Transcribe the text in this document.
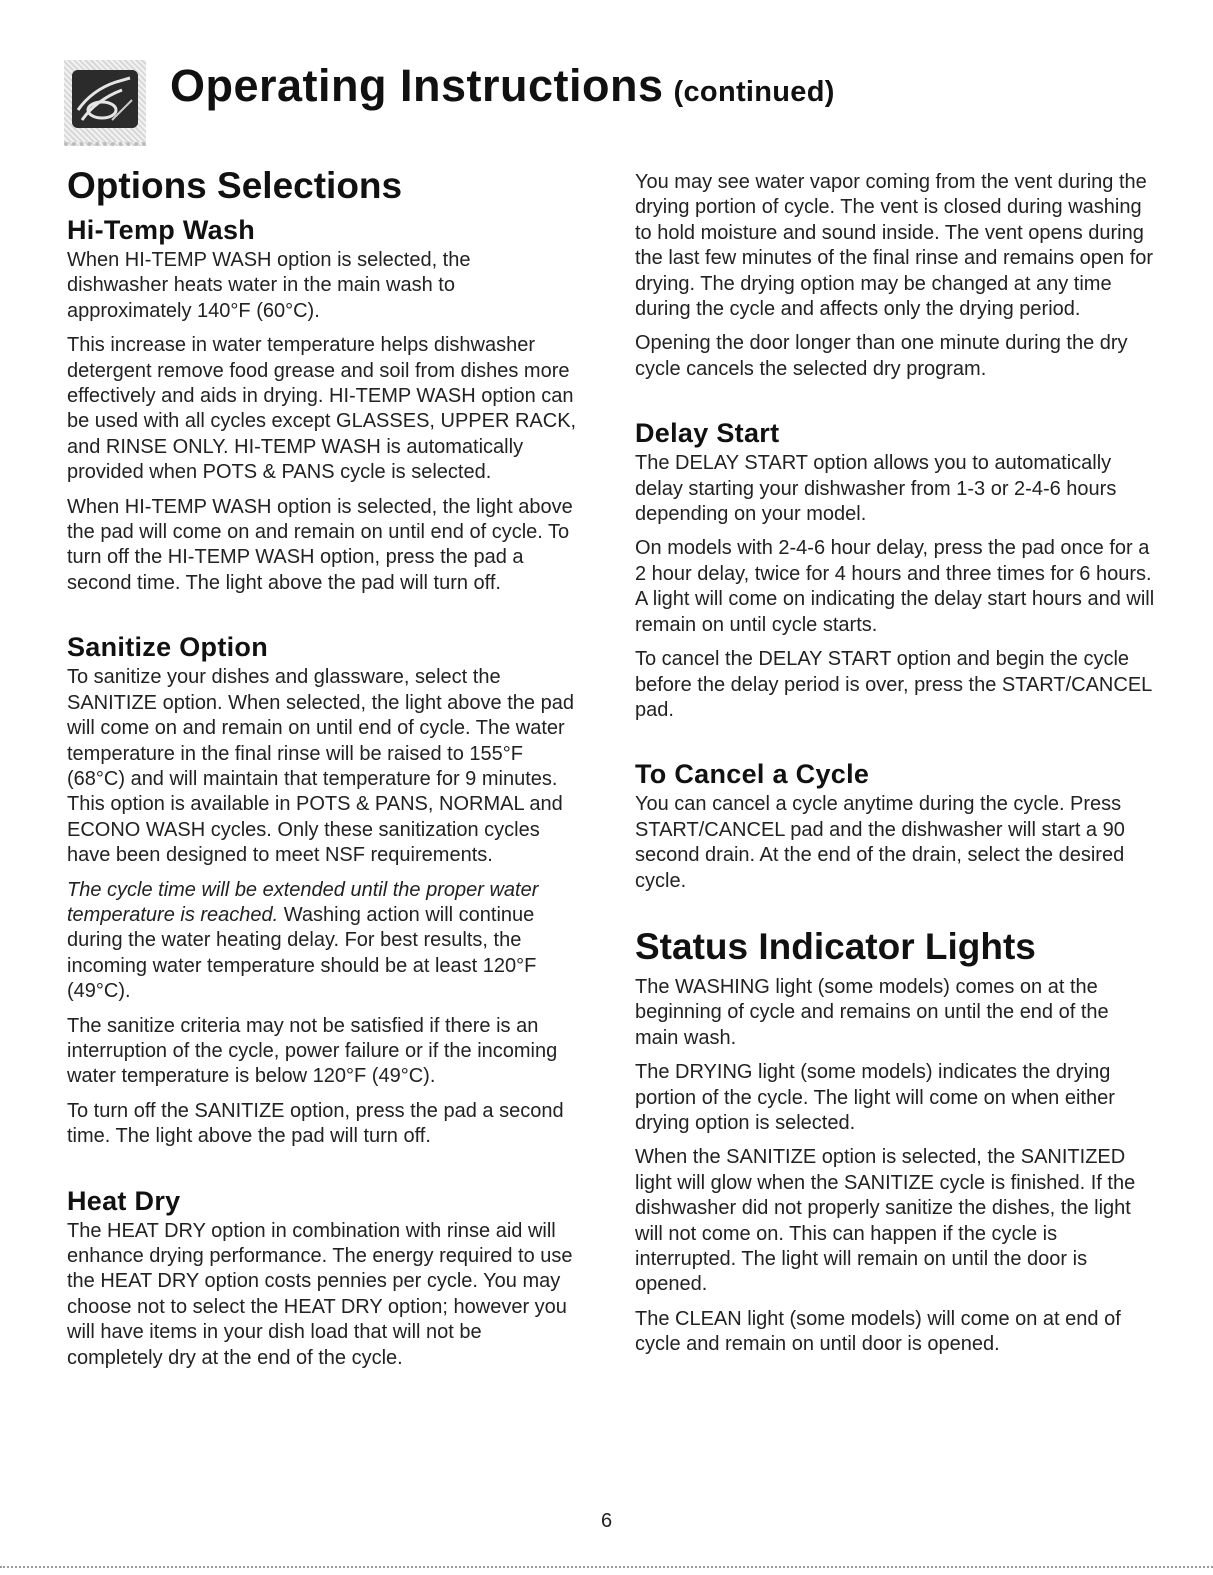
Operating Instructions (continued)
Options Selections
Hi-Temp Wash

When HI-TEMP WASH option is selected, the dishwasher heats water in the main wash to approximately 140°F (60°C).

This increase in water temperature helps dishwasher detergent remove food grease and soil from dishes more effectively and aids in drying. HI-TEMP WASH option can be used with all cycles except GLASSES, UPPER RACK, and RINSE ONLY. HI-TEMP WASH is automatically provided when POTS & PANS cycle is selected.

When HI-TEMP WASH option is selected, the light above the pad will come on and remain on until end of cycle. To turn off the HI-TEMP WASH option, press the pad a second time. The light above the pad will turn off.

Sanitize Option

To sanitize your dishes and glassware, select the SANITIZE option. When selected, the light above the pad will come on and remain on until end of cycle. The water temperature in the final rinse will be raised to 155°F (68°C) and will maintain that temperature for 9 minutes. This option is available in POTS & PANS, NORMAL and ECONO WASH cycles. Only these sanitization cycles have been designed to meet NSF requirements.

The cycle time will be extended until the proper water temperature is reached. Washing action will continue during the water heating delay. For best results, the incoming water temperature should be at least 120°F (49°C).

The sanitize criteria may not be satisfied if there is an interruption of the cycle, power failure or if the incoming water temperature is below 120°F (49°C).

To turn off the SANITIZE option, press the pad a second time. The light above the pad will turn off.

Heat Dry

The HEAT DRY option in combination with rinse aid will enhance drying performance. The energy required to use the HEAT DRY option costs pennies per cycle. You may choose not to select the HEAT DRY option; however you will have items in your dish load that will not be completely dry at the end of the cycle.

You may see water vapor coming from the vent during the drying portion of cycle. The vent is closed during washing to hold moisture and sound inside. The vent opens during the last few minutes of the final rinse and remains open for drying. The drying option may be changed at any time during the cycle and affects only the drying period.

Opening the door longer than one minute during the dry cycle cancels the selected dry program.

Delay Start

The DELAY START option allows you to automatically delay starting your dishwasher from 1-3 or 2-4-6 hours depending on your model.

On models with 2-4-6 hour delay, press the pad once for a 2 hour delay, twice for 4 hours and three times for 6 hours. A light will come on indicating the delay start hours and will remain on until cycle starts.

To cancel the DELAY START option and begin the cycle before the delay period is over, press the START/CANCEL pad.

To Cancel a Cycle

You can cancel a cycle anytime during the cycle. Press START/CANCEL pad and the dishwasher will start a 90 second drain. At the end of the drain, select the desired cycle.

Status Indicator Lights

The WASHING light (some models) comes on at the beginning of cycle and remains on until the end of the main wash.

The DRYING light (some models) indicates the drying portion of the cycle. The light will come on when either drying option is selected.

When the SANITIZE option is selected, the SANITIZED light will glow when the SANITIZE cycle is finished. If the dishwasher did not properly sanitize the dishes, the light will not come on. This can happen if the cycle is interrupted. The light will remain on until the door is opened.

The CLEAN light (some models) will come on at end of cycle and remain on until door is opened.

6
